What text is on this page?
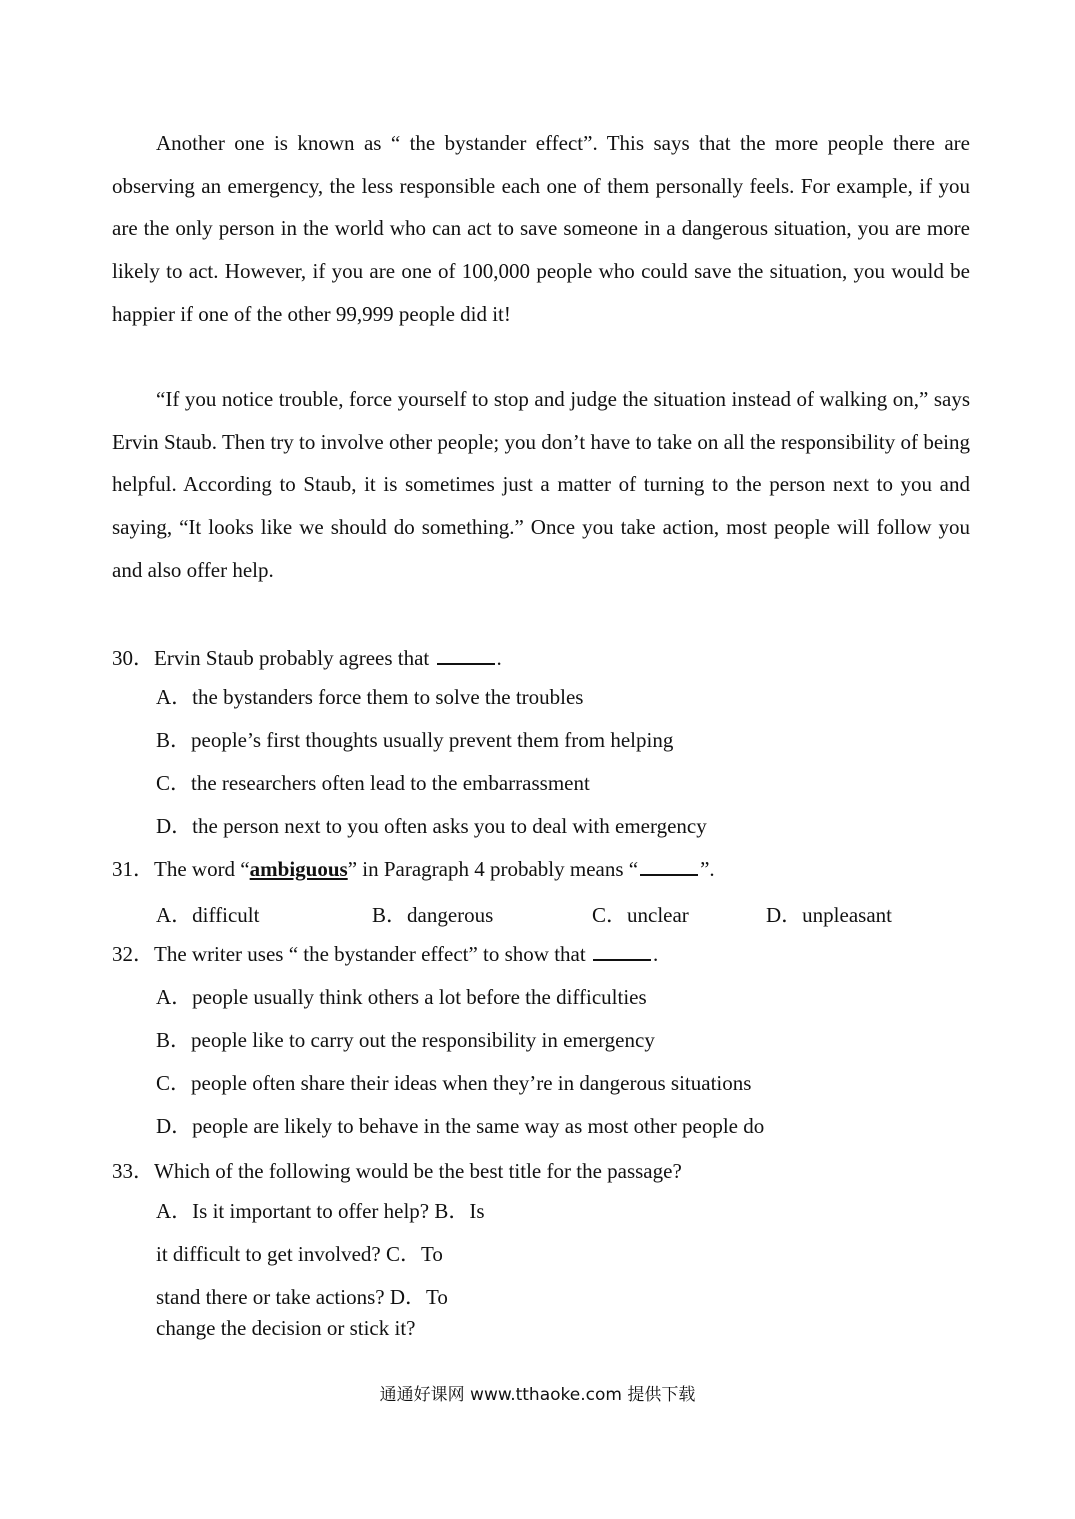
Another one is known as “ the bystander effect”. This says that the more people there are observing an emergency, the less responsible each one of them personally feels. For example, if you are the only person in the world who can act to save someone in a dangerous situation, you are more likely to act. However, if you are one of 100,000 people who could save the situation, you would be happier if one of the other 99,999 people did it!

“If you notice trouble, force yourself to stop and judge the situation instead of walking on,” says Ervin Staub. Then try to involve other people; you don’t have to take on all the responsibility of being helpful. According to Staub, it is sometimes just a matter of turning to the person next to you and saying, “It looks like we should do something.” Once you take action, most people will follow you and also offer help.

30．Ervin Staub probably agrees that	.
A．the bystanders force them to solve the troubles
B．people’s first thoughts usually prevent them from helping
C．the researchers often lead to the embarrassment
D．the person next to you often asks you to deal with emergency
31．The word “ambiguous” in Paragraph 4 probably means “	”.
A．difficult	B．dangerous	C．unclear	D．unpleasant
32．The writer uses “ the bystander effect” to show that	.
A．people usually think others a lot before the difficulties
B．people like to carry out the responsibility in emergency
C．people often share their ideas when they’re in dangerous situations
D．people are likely to behave in the same way as most other people do
33．Which of the following would be the best title for the passage?
A．Is it important to offer help? B．Is
it difficult to get involved? C．To
stand there or take actions? D．To
change the decision or stick it?
通通好课网 www.tthaoke.com 提供下载
